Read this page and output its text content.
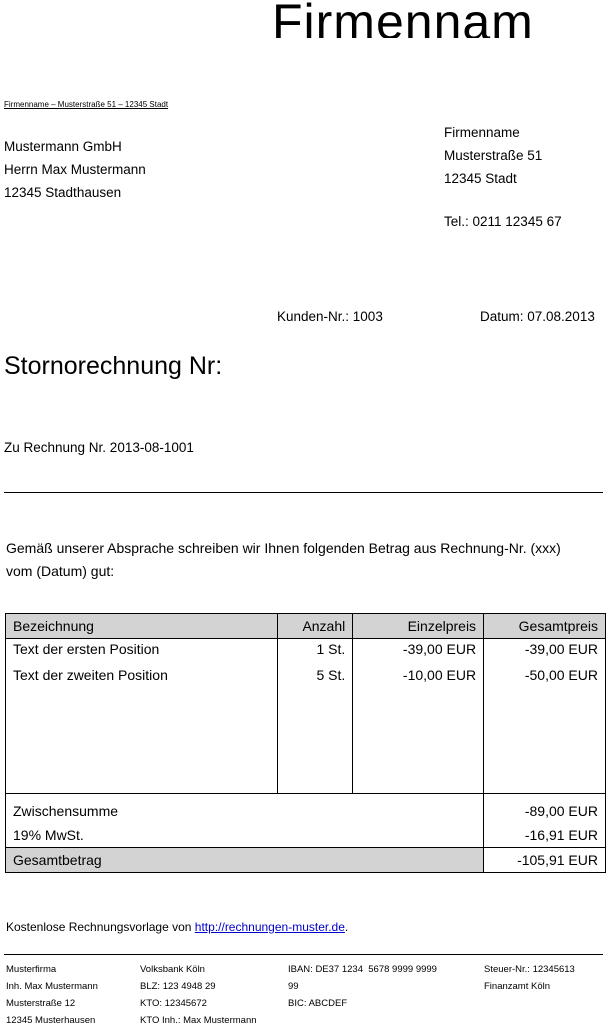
Firmennam
Firmenname – Musterstraße 51 – 12345 Stadt
Mustermann GmbH
Herrn Max Mustermann
12345 Stadthausen
Firmenname
Musterstraße 51
12345 Stadt
Tel.: 0211 12345 67
Kunden-Nr.: 1003	Datum: 07.08.2013
Stornorechnung Nr:
Zu Rechnung Nr. 2013-08-1001
Gemäß unserer Absprache schreiben wir Ihnen folgenden Betrag aus Rechnung-Nr. (xxx) vom (Datum) gut:
Bezeichnung	Anzahl	Einzelpreis	Gesamtpreis
Text der ersten Position	1 St.	-39,00 EUR	-39,00 EUR
Text der zweiten Position	5 St.	-10,00 EUR	-50,00 EUR

Zwischensumme			-89,00 EUR
19% MwSt.			-16,91 EUR
Gesamtbetrag			-105,91 EUR
Kostenlose Rechnungsvorlage von http://rechnungen-muster.de.
Musterfirma
Inh. Max Mustermann
Musterstraße 12
12345 Musterhausen
Volksbank Köln
BLZ: 123 4948 29
KTO: 12345672
KTO Inh.: Max Mustermann
IBAN: DE37 1234  5678 9999 9999
99
BIC: ABCDEF
Steuer-Nr.: 12345613
Finanzamt Köln
